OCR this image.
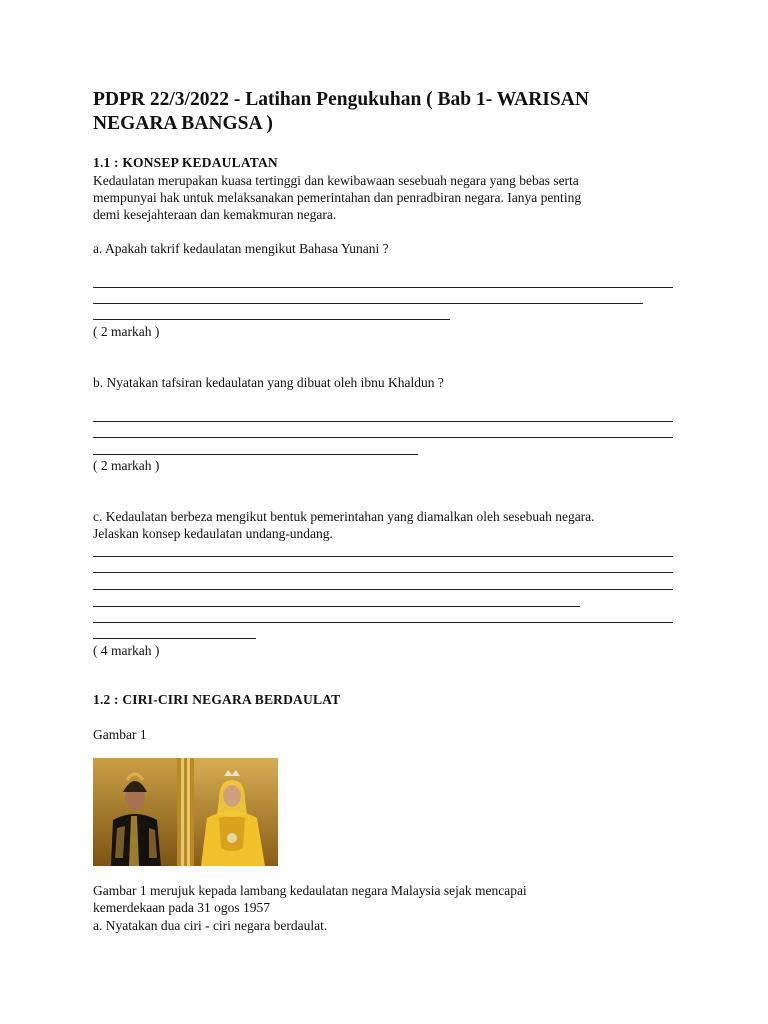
PDPR 22/3/2022 - Latihan Pengukuhan ( Bab 1- WARISAN NEGARA BANGSA )
1.1 : KONSEP KEDAULATAN
Kedaulatan merupakan kuasa tertinggi dan kewibawaan sesebuah negara yang bebas serta
mempunyai hak untuk melaksanakan pemerintahan dan penradbiran negara. Ianya penting
demi kesejahteraan dan kemakmuran negara.
a. Apakah takrif kedaulatan mengikut Bahasa Yunani ?
( 2 markah )
b. Nyatakan tafsiran kedaulatan yang dibuat oleh ibnu Khaldun ?
( 2 markah )
c. Kedaulatan berbeza mengikut bentuk pemerintahan yang diamalkan oleh sesebuah negara.
Jelaskan konsep kedaulatan undang-undang.
( 4 markah )
1.2 : CIRI-CIRI NEGARA BERDAULAT
Gambar 1
Gambar 1 merujuk kepada lambang kedaulatan negara Malaysia sejak mencapai
kemerdekaan pada 31 ogos 1957
a. Nyatakan dua ciri - ciri negara berdaulat.
